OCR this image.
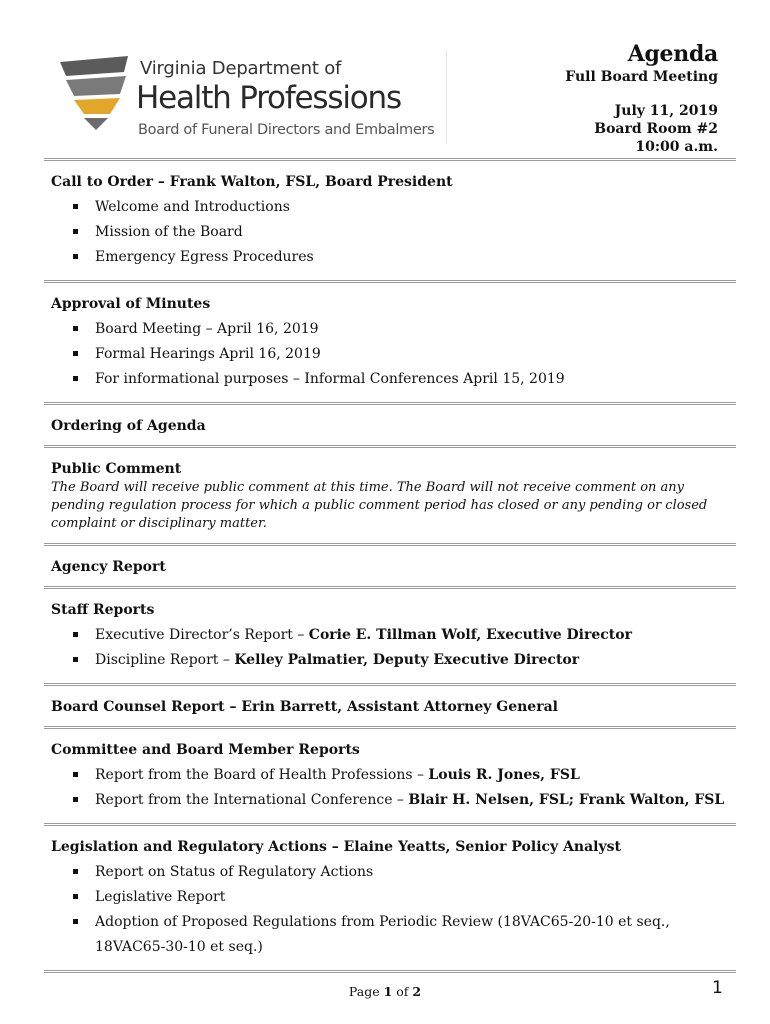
Virginia Department of
Health Professions
Board of Funeral Directors and Embalmers
Agenda
Full Board Meeting
July 11, 2019
Board Room #2
10:00 a.m.
Call to Order – Frank Walton, FSL, Board President
Welcome and Introductions
Mission of the Board
Emergency Egress Procedures
Approval of Minutes
Board Meeting – April 16, 2019
Formal Hearings April 16, 2019
For informational purposes – Informal Conferences April 15, 2019
Ordering of Agenda
Public Comment
The Board will receive public comment at this time. The Board will not receive comment on any pending regulation process for which a public comment period has closed or any pending or closed complaint or disciplinary matter.
Agency Report
Staff Reports
Executive Director’s Report – Corie E. Tillman Wolf, Executive Director
Discipline Report – Kelley Palmatier, Deputy Executive Director
Board Counsel Report – Erin Barrett, Assistant Attorney General
Committee and Board Member Reports
Report from the Board of Health Professions – Louis R. Jones, FSL
Report from the International Conference – Blair H. Nelsen, FSL; Frank Walton, FSL
Legislation and Regulatory Actions – Elaine Yeatts, Senior Policy Analyst
Report on Status of Regulatory Actions
Legislative Report
Adoption of Proposed Regulations from Periodic Review (18VAC65-20-10 et seq., 18VAC65-30-10 et seq.)
Page 1 of 2	1
